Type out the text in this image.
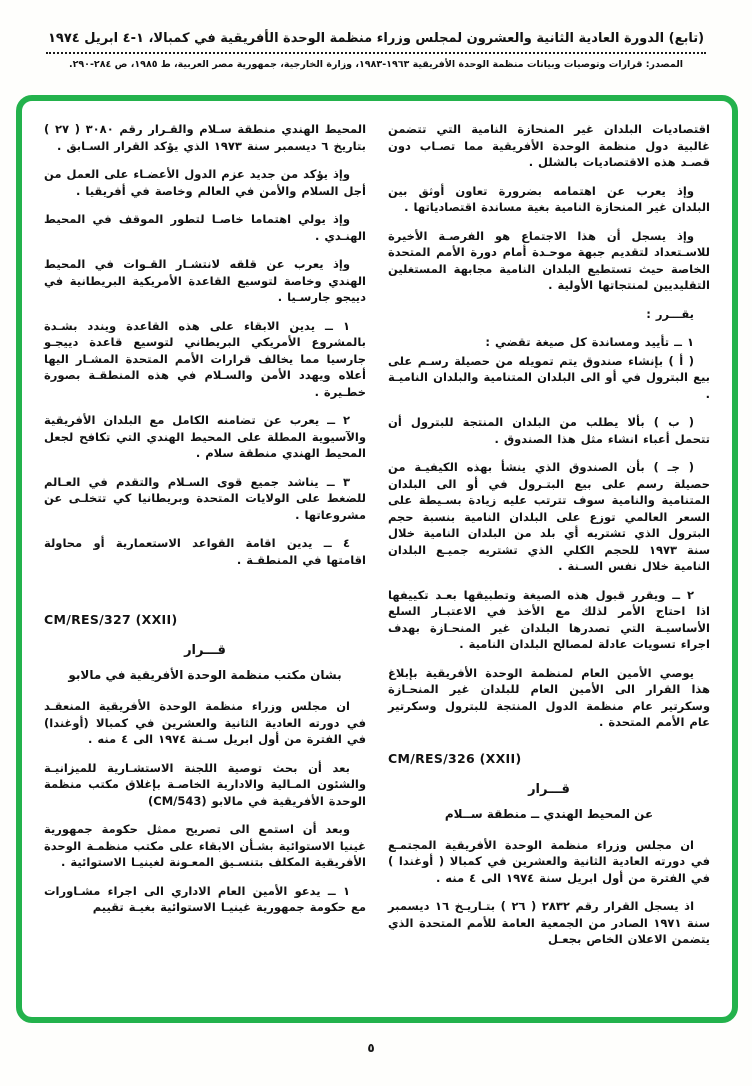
(تابع) الدورة العادية الثانية والعشرون لمجلس وزراء منظمة الوحدة الأفريقية في كمبالا، ١-٤ ابريل ١٩٧٤
المصدر: قرارات وتوصيات وبيانات منظمة الوحدة الأفريقية ١٩٦٣-١٩٨٣، وزارة الخارجية، جمهورية مصر العربية، ط ١٩٨٥، ص ٢٨٤-٢٩٠.

اقتصاديات البلدان غير المنحازة النامية التي تتضمن غالبية دول منظمة الوحدة الأفريقية مما تصـاب دون قصـد هذه الاقتصاديات بالشلل .

وإذ يعرب عن اهتمامه بضرورة تعاون أوثق بين البلدان غير المنحازة النامية بغية مساندة اقتصادياتها .

وإذ يسجل أن هذا الاجتماع هو الفرصـة الأخيرة للاسـتعداد لتقديم جبهة موحـدة أمام دورة الأمم المتحدة الخاصة حيث تستطيع البلدان النامية مجابهة المستغلين التقليديين لمنتجاتها الأولية .

يقـــرر :

١ ــ تأييد ومساندة كل صيغة تقضي :

( أ ) بإنشاء صندوق يتم تمويله من حصيلة رسـم على بيع البترول في أو الى البلدان المتنامية والبلدان الناميـة .

( ب ) بألا يطلب من البلدان المنتجة للبترول أن تتحمل أعباء انشاء مثل هذا الصندوق .

( جـ ) بأن الصندوق الذي ينشأ بهذه الكيفيـة من حصيلة رسم على بيع البتـرول في أو الى البلدان المتنامية والنامية سوف تترتب عليه زيادة بسـيطة على السعر العالمي توزع على البلدان النامية بنسبة حجم البترول الذي تشتريه أي بلد من البلدان النامية خلال سنة ١٩٧٣ للحجم الكلي الذي تشتريه جميـع البلدان النامية خلال نفس السـنة .

٢ ــ ويقرر قبول هذه الصيغة وتطبيقها بعـد تكييفها اذا احتاج الأمر لذلك مع الأخذ في الاعتبـار السلع الأساسيـة التي تصدرها البلدان غير المنحـازة بهدف اجراء تسويات عادلة لمصالح البلدان النامية .

يوصي الأمين العام لمنظمة الوحدة الأفريقية بإبلاغ هذا القرار الى الأمين العام للبلدان غير المنحـازة وسكرتير عام منظمة الدول المنتجة للبترول وسكرتير عام الأمم المتحدة .

CM/RES/326 (XXII)

قـــرار

عن المحيط الهندي ــ منطقة ســلام

ان مجلس وزراء منظمة الوحدة الأفريقية المجتمـع في دورته العادية الثانية والعشرين في كمبالا ( أوغندا ) في الفترة من أول ابريل سنة ١٩٧٤ الى ٤ منه .

اذ يسجل القرار رقم ٢٨٣٢ ( ٢٦ ) بتـاريـخ ١٦ ديسمبر سنة ١٩٧١ الصادر من الجمعية العامة للأمم المتحدة الذي يتضمن الاعلان الخاص بجعـل

المحيط الهندي منطقة سـلام والقـرار رقم ٣٠٨٠ ( ٢٧ ) بتاريخ ٦ ديسمبر سنة ١٩٧٣ الذي يؤكد القرار السـابق .

وإذ يؤكد من جديد عزم الدول الأعضـاء على العمل من أجل السلام والأمن في العالم وخاصة في أفريقيا .

وإذ يولي اهتماما خاصـا لتطور الموقف في المحيط الهنـدي .

وإذ يعرب عن قلقه لانتشـار القـوات في المحيط الهندي وخاصة لتوسيع القاعدة الأمريكية البريطانية في دييجو جارسـيا .

١ ــ يدين الابقاء على هذه القاعدة ويندد بشـدة بالمشروع الأمريكي البريطاني لتوسيع قاعدة دييجـو جارسيا مما يخالف قرارات الأمم المتحدة المشـار اليها أعلاه ويهدد الأمن والسـلام في هذه المنطقـة بصورة خطـيرة .

٢ ــ يعرب عن تضامنه الكامل مع البلدان الأفريقية والآسيوية المطلة على المحيط الهندي التي تكافح لجعل المحيط الهندي منطقة سلام .

٣ ــ يناشد جميع قوى السـلام والتقدم في العـالم للضغط على الولايات المتحدة وبريطانيا كي تتخلـى عن مشروعاتها .

٤ ــ يدين اقامة القواعد الاستعمارية أو محاولة اقامتها في المنطقـة .

CM/RES/327 (XXII)

قـــرار

بشان مكتب منظمة الوحدة الأفريقية في مالابو

ان مجلس وزراء منظمة الوحدة الأفريقية المنعقـد في دورته العادية الثانية والعشرين في كمبالا (أوغندا) في الفترة من أول ابريل سـنة ١٩٧٤ الى ٤ منه .

بعد أن بحث توصية اللجنة الاستشـارية للميزانيـة والشئون المـالية والادارية الخاصـة بإغلاق مكتب منظمة الوحدة الأفريقية في مالابو (CM/543)

وبعد أن استمع الى تصريح ممثل حكومة جمهورية غينيا الاستوائية بشـأن الابقاء على مكتب منظمـة الوحدة الأفريقية المكلف بتنسـيق المعـونة لغينيـا الاستوائية .

١ ــ يدعو الأمين العام الاداري الى اجراء مشـاورات مع حكومة جمهورية غينيـا الاستوائية بغيـة تقييم

٥
